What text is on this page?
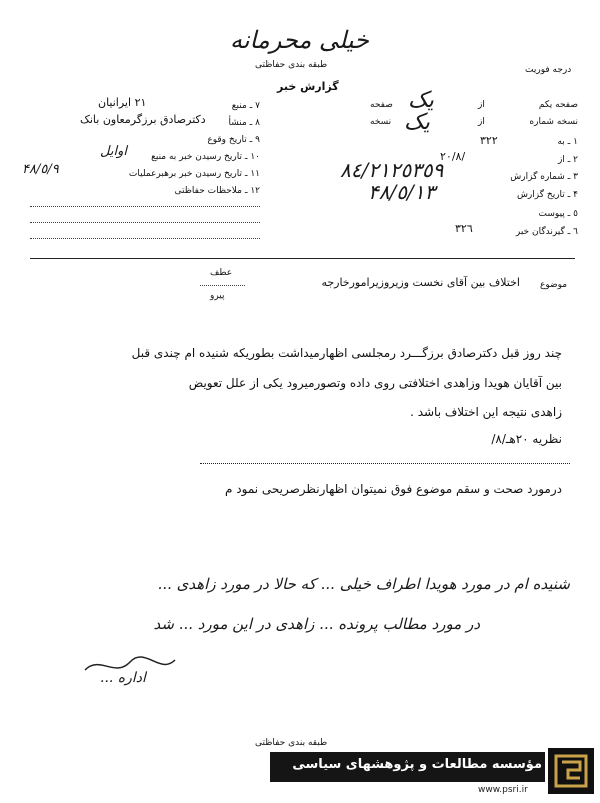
خیلی محرمانه
طبقه بندی حفاظتی
گزارش خبر
درجه فوریت
صفحه یکم
از
صفحه یک
نسخه شماره
از
نسخه یک
١ ـ به
٣٢٢
٢ ـ از
٢٠/٨/
٣ ـ شماره گزارش
٨٤/٢١٢٥٣٥٩
۴ ـ تاریخ گزارش
۴٨/٥/١٣
٥ ـ پیوست
٦ ـ گیرندگان خبر
٣٢٦
٧ ـ منبع
٢١ ایرانیان
٨ ـ منشأ
دکترصادق برزگرمعاون بانک
٩ ـ تاریخ وقوع
١٠ ـ تاریخ رسیدن خبر به منبع
اوایل
١١ ـ تاریخ رسیدن خبر برهبرعملیات
۴٨/٥/٩
١٢ ـ ملاحظات حفاظتی
موضوع
اختلاف بین آقای نخست وزیروزیرامورخارجه
عطف
پیرو
چند روز قبل دکترصادق برزگـــرد رمجلسی اظهارمیداشت بطوریکه شنیده ام چندی قبل
بین آقایان هویدا وزاهدی اختلافتی روی داده وتصورمیرود یکی از علل تعویض
زاهدی نتیجه این اختلاف باشد .
نظریه ٢٠هـ/٨/
درمورد صحت و سقم موضوع فوق نمیتوان اظهارنظرصریحی نمود م
شنیده ام در مورد هویدا اطراف خیلی ... که حالا در مورد زاهدی ...
در مورد مطالب پرونده ... زاهدی در این مورد ... شد
اداره ...
طبقه بندی حفاظتی
مؤسسه مطالعات و پژوهشهای سیاسی
www.psri.ir
